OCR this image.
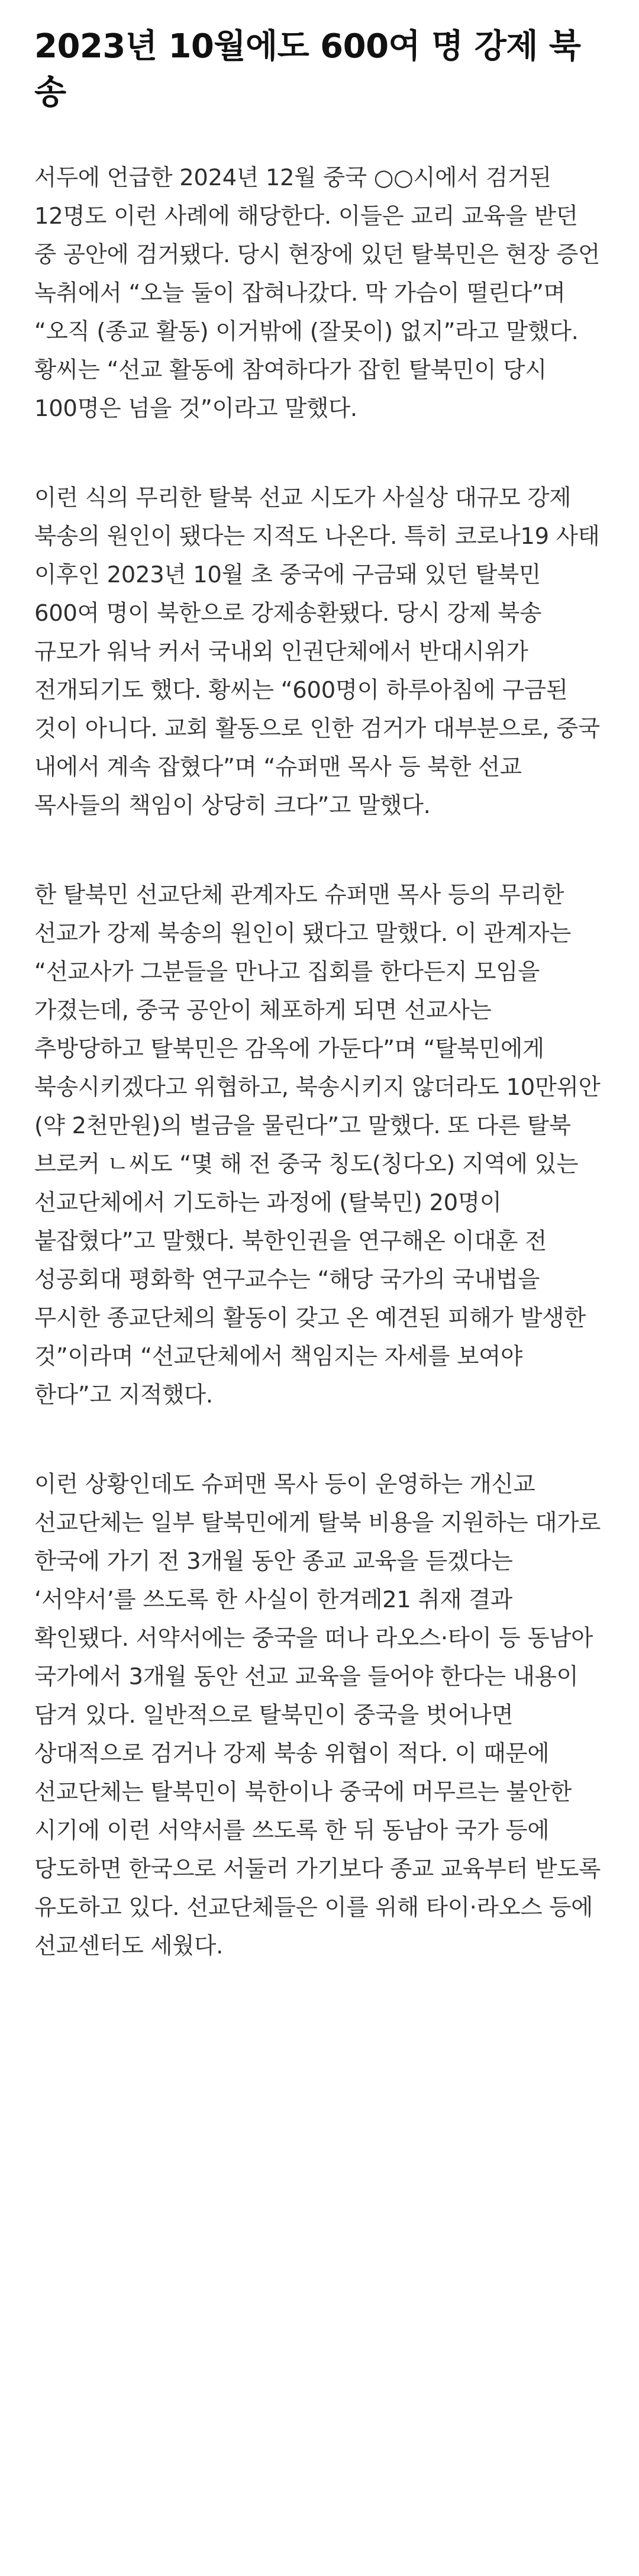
2023년 10월에도 600여 명 강제 북송

서두에 언급한 2024년 12월 중국 ○○시에서 검거된 12명도 이런 사례에 해당한다. 이들은 교리 교육을 받던 중 공안에 검거됐다. 당시 현장에 있던 탈북민은 현장 증언 녹취에서 “오늘 둘이 잡혀나갔다. 막 가슴이 떨린다”며 “오직 (종교 활동) 이거밖에 (잘못이) 없지”라고 말했다. 황씨는 “선교 활동에 참여하다가 잡힌 탈북민이 당시 100명은 넘을 것”이라고 말했다.

이런 식의 무리한 탈북 선교 시도가 사실상 대규모 강제 북송의 원인이 됐다는 지적도 나온다. 특히 코로나19 사태 이후인 2023년 10월 초 중국에 구금돼 있던 탈북민 600여 명이 북한으로 강제송환됐다. 당시 강제 북송 규모가 워낙 커서 국내외 인권단체에서 반대시위가 전개되기도 했다. 황씨는 “600명이 하루아침에 구금된 것이 아니다. 교회 활동으로 인한 검거가 대부분으로, 중국 내에서 계속 잡혔다”며 “슈퍼맨 목사 등 북한 선교 목사들의 책임이 상당히 크다”고 말했다.

한 탈북민 선교단체 관계자도 슈퍼맨 목사 등의 무리한 선교가 강제 북송의 원인이 됐다고 말했다. 이 관계자는 “선교사가 그분들을 만나고 집회를 한다든지 모임을 가졌는데, 중국 공안이 체포하게 되면 선교사는 추방당하고 탈북민은 감옥에 가둔다”며 “탈북민에게 북송시키겠다고 위협하고, 북송시키지 않더라도 10만위안(약 2천만원)의 벌금을 물린다”고 말했다. 또 다른 탈북 브로커 ㄴ씨도 “몇 해 전 중국 칭도(칭다오) 지역에 있는 선교단체에서 기도하는 과정에 (탈북민) 20명이 붙잡혔다”고 말했다. 북한인권을 연구해온 이대훈 전 성공회대 평화학 연구교수는 “해당 국가의 국내법을 무시한 종교단체의 활동이 갖고 온 예견된 피해가 발생한 것”이라며 “선교단체에서 책임지는 자세를 보여야 한다”고 지적했다.

이런 상황인데도 슈퍼맨 목사 등이 운영하는 개신교 선교단체는 일부 탈북민에게 탈북 비용을 지원하는 대가로 한국에 가기 전 3개월 동안 종교 교육을 듣겠다는 ‘서약서’를 쓰도록 한 사실이 한겨레21 취재 결과 확인됐다. 서약서에는 중국을 떠나 라오스·타이 등 동남아 국가에서 3개월 동안 선교 교육을 들어야 한다는 내용이 담겨 있다. 일반적으로 탈북민이 중국을 벗어나면 상대적으로 검거나 강제 북송 위협이 적다. 이 때문에 선교단체는 탈북민이 북한이나 중국에 머무르는 불안한 시기에 이런 서약서를 쓰도록 한 뒤 동남아 국가 등에 당도하면 한국으로 서둘러 가기보다 종교 교육부터 받도록 유도하고 있다. 선교단체들은 이를 위해 타이·라오스 등에 선교센터도 세웠다.
